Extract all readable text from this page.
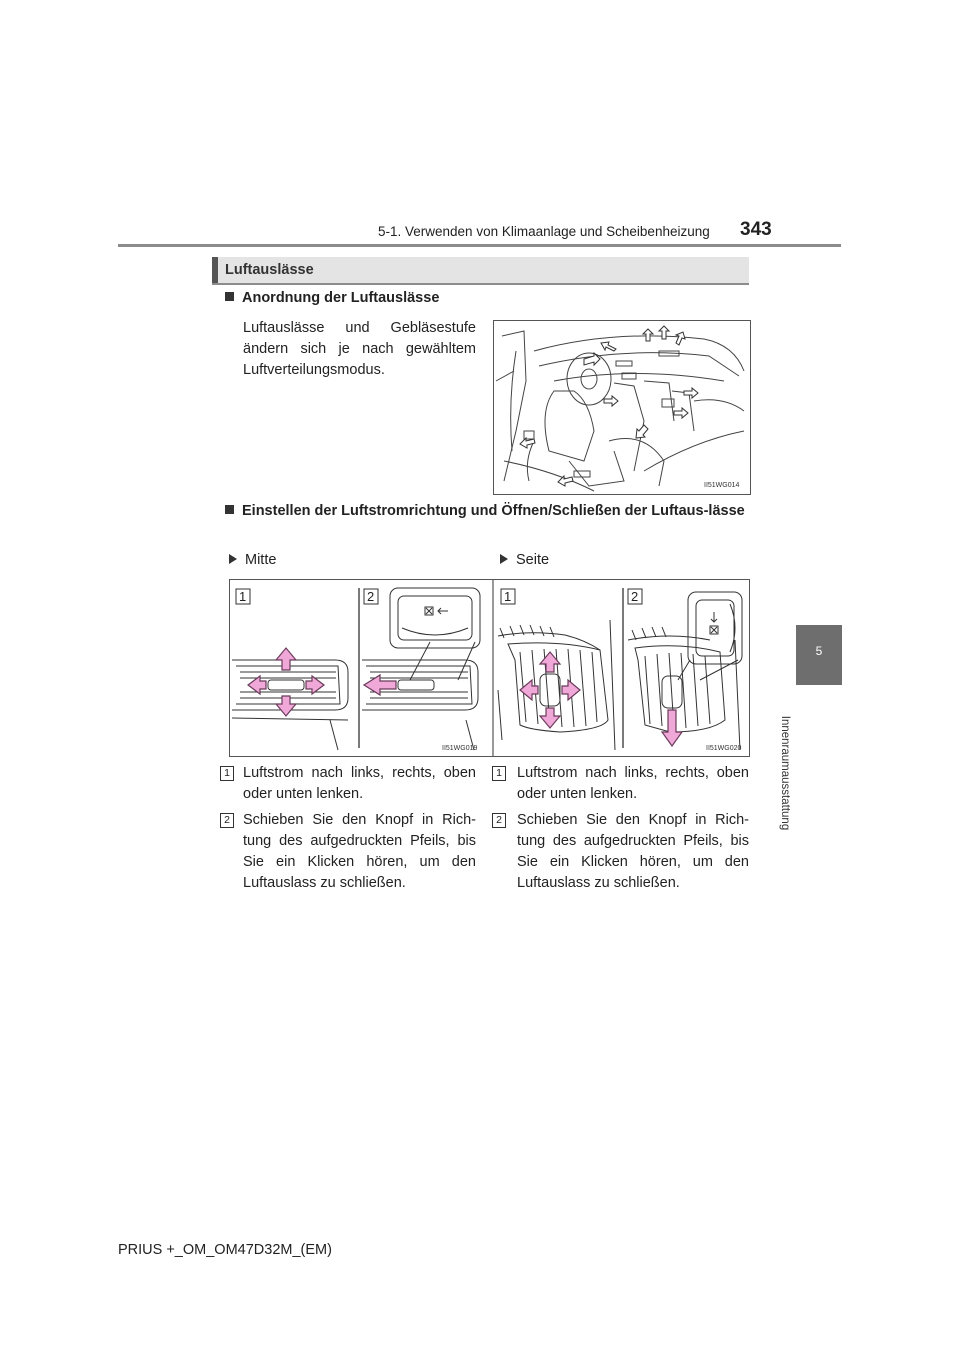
5-1. Verwenden von Klimaanlage und Scheibenheizung 343
5
Innenraumausstattung
Luftauslässe
Anordnung der Luftauslässe
Luftauslässe und Gebläsestufe ändern sich je nach gewähltem Luftverteilungsmodus.
II51WG014
Einstellen der Luftstromrichtung und Öffnen/Schließen der Luftaus-lässe
Mitte	Seite
1	2	1	2
II51WG019	II51WG020
1 Luftstrom nach links, rechts, oben oder unten lenken.
2 Schieben Sie den Knopf in Rich-tung des aufgedruckten Pfeils, bis Sie ein Klicken hören, um den Luftauslass zu schließen.
1 Luftstrom nach links, rechts, oben oder unten lenken.
2 Schieben Sie den Knopf in Rich-tung des aufgedruckten Pfeils, bis Sie ein Klicken hören, um den Luftauslass zu schließen.
PRIUS +_OM_OM47D32M_(EM)
